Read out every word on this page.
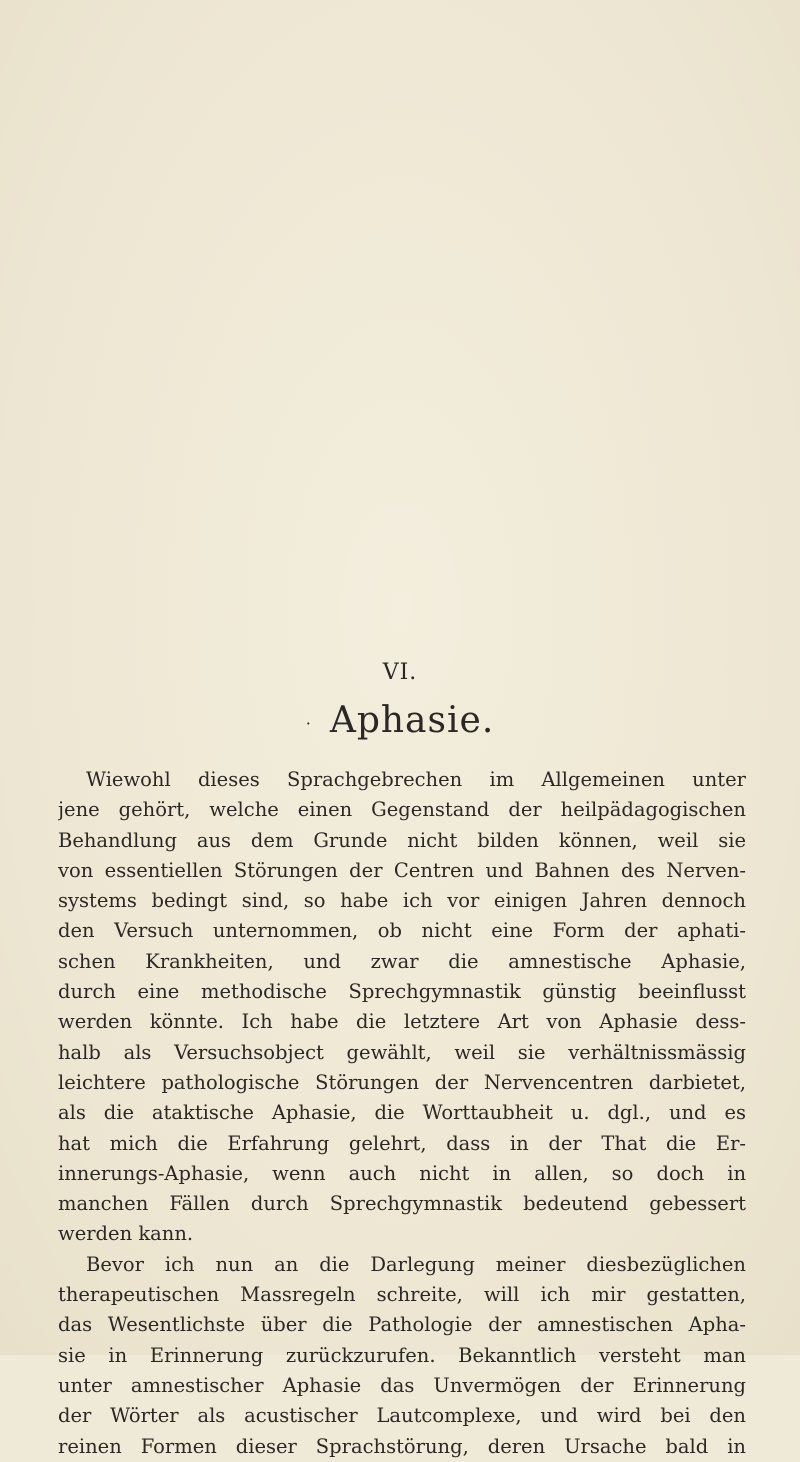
VI.
· Aphasie.
Wiewohl dieses Sprachgebrechen im Allgemeinen unter
jene gehört, welche einen Gegenstand der heilpädagogischen
Behandlung aus dem Grunde nicht bilden können, weil sie
von essentiellen Störungen der Centren und Bahnen des Nerven-
systems bedingt sind, so habe ich vor einigen Jahren dennoch
den Versuch unternommen, ob nicht eine Form der aphati-
schen Krankheiten, und zwar die amnestische Aphasie,
durch eine methodische Sprechgymnastik günstig beeinflusst
werden könnte. Ich habe die letztere Art von Aphasie dess-
halb als Versuchsobject gewählt, weil sie verhältnissmässig
leichtere pathologische Störungen der Nervencentren darbietet,
als die ataktische Aphasie, die Worttaubheit u. dgl., und es
hat mich die Erfahrung gelehrt, dass in der That die Er-
innerungs-Aphasie, wenn auch nicht in allen, so doch in
manchen Fällen durch Sprechgymnastik bedeutend gebessert
werden kann.
Bevor ich nun an die Darlegung meiner diesbezüglichen
therapeutischen Massregeln schreite, will ich mir gestatten,
das Wesentlichste über die Pathologie der amnestischen Apha-
sie in Erinnerung zurückzurufen. Bekanntlich versteht man
unter amnestischer Aphasie das Unvermögen der Erinnerung
der Wörter als acustischer Lautcomplexe, und wird bei den
reinen Formen dieser Sprachstörung, deren Ursache bald in
